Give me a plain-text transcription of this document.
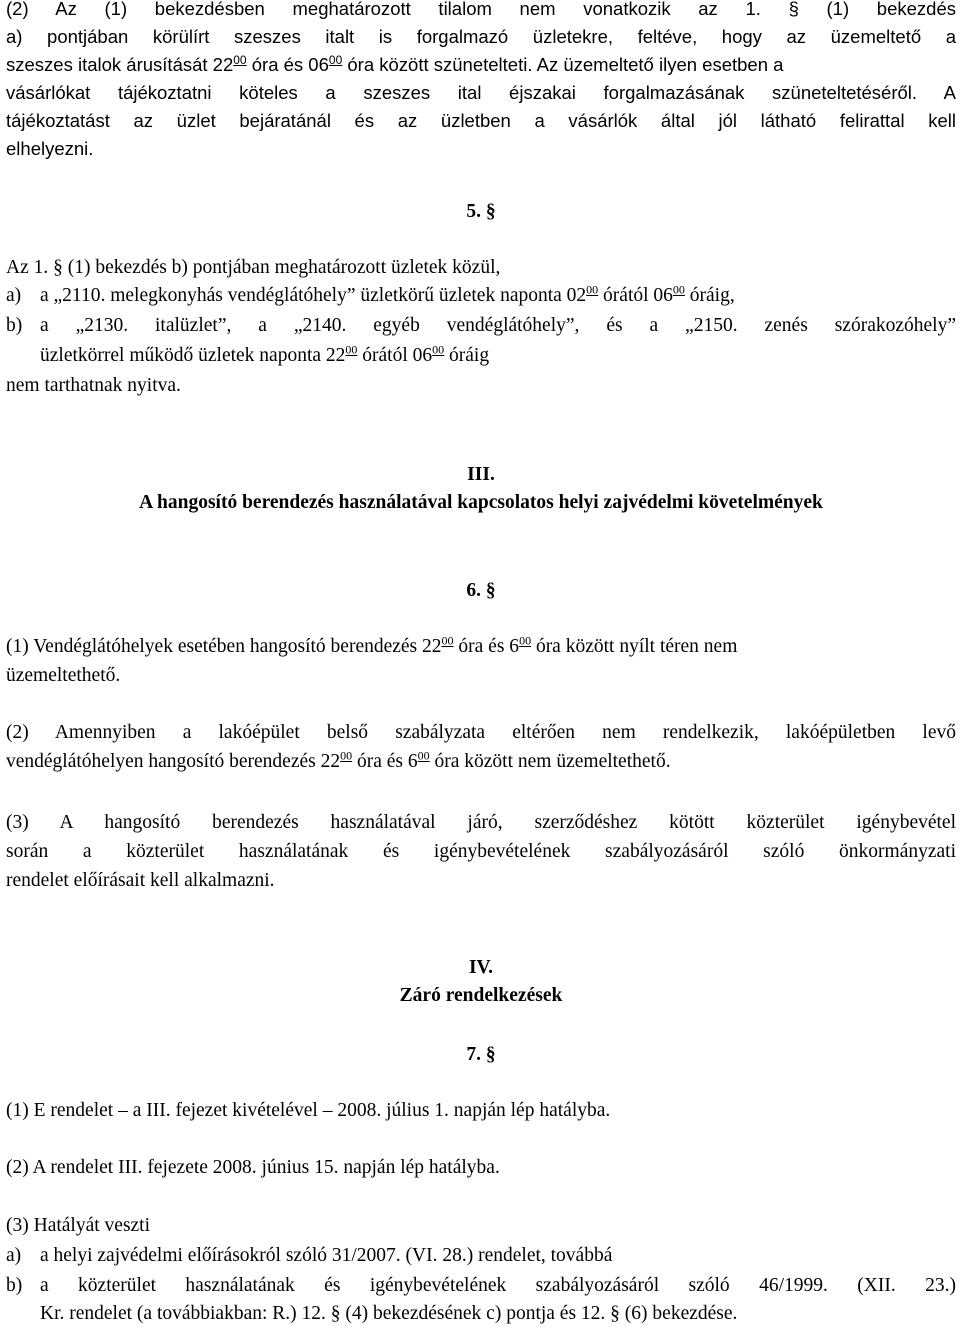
(2) Az (1) bekezdésben meghatározott tilalom nem vonatkozik az 1. § (1) bekezdés
a) pontjában körülírt szeszes italt is forgalmazó üzletekre, feltéve, hogy az üzemeltető a
szeszes italok árusítását $22^{00}$ óra és $06^{00}$ óra között szünetelteti. Az üzemeltető ilyen esetben a
vásárlókat tájékoztatni köteles a szeszes ital éjszakai forgalmazásának szüneteltetéséről. A
tájékoztatást az üzlet bejáratánál és az üzletben a vásárlók által jól látható felirattal kell
elhelyezni.
5. §
Az 1. § (1) bekezdés b) pontjában meghatározott üzletek közül,
a) a „2110. melegkonyhás vendéglátóhely” üzletkörű üzletek naponta $02^{00}$ órától $06^{00}$ óráig,
b) a „2130. italüzlet”, a „2140. egyéb vendéglátóhely”, és a „2150. zenés szórakozóhely”
üzletkörrel működő üzletek naponta $22^{00}$ órától $06^{00}$ óráig
nem tarthatnak nyitva.
III.
A hangosító berendezés használatával kapcsolatos helyi zajvédelmi követelmények
6. §
(1) Vendéglátóhelyek esetében hangosító berendezés $22^{00}$ óra és $6^{00}$ óra között nyílt téren nem
üzemeltethető.
(2) Amennyiben a lakóépület belső szabályzata eltérően nem rendelkezik, lakóépületben levő
vendéglátóhelyen hangosító berendezés $22^{00}$ óra és $6^{00}$ óra között nem üzemeltethető.
(3) A hangosító berendezés használatával járó, szerződéshez kötött közterület igénybevétel
során a közterület használatának és igénybevételének szabályozásáról szóló önkormányzati
rendelet előírásait kell alkalmazni.
IV.
Záró rendelkezések
7. §
(1) E rendelet – a III. fejezet kivételével – 2008. július 1. napján lép hatályba.
(2) A rendelet III. fejezete 2008. június 15. napján lép hatályba.
(3) Hatályát veszti
a) a helyi zajvédelmi előírásokról szóló 31/2007. (VI. 28.) rendelet, továbbá
b) a közterület használatának és igénybevételének szabályozásáról szóló 46/1999. (XII. 23.)
Kr. rendelet (a továbbiakban: R.) 12. § (4) bekezdésének c) pontja és 12. § (6) bekezdése.
